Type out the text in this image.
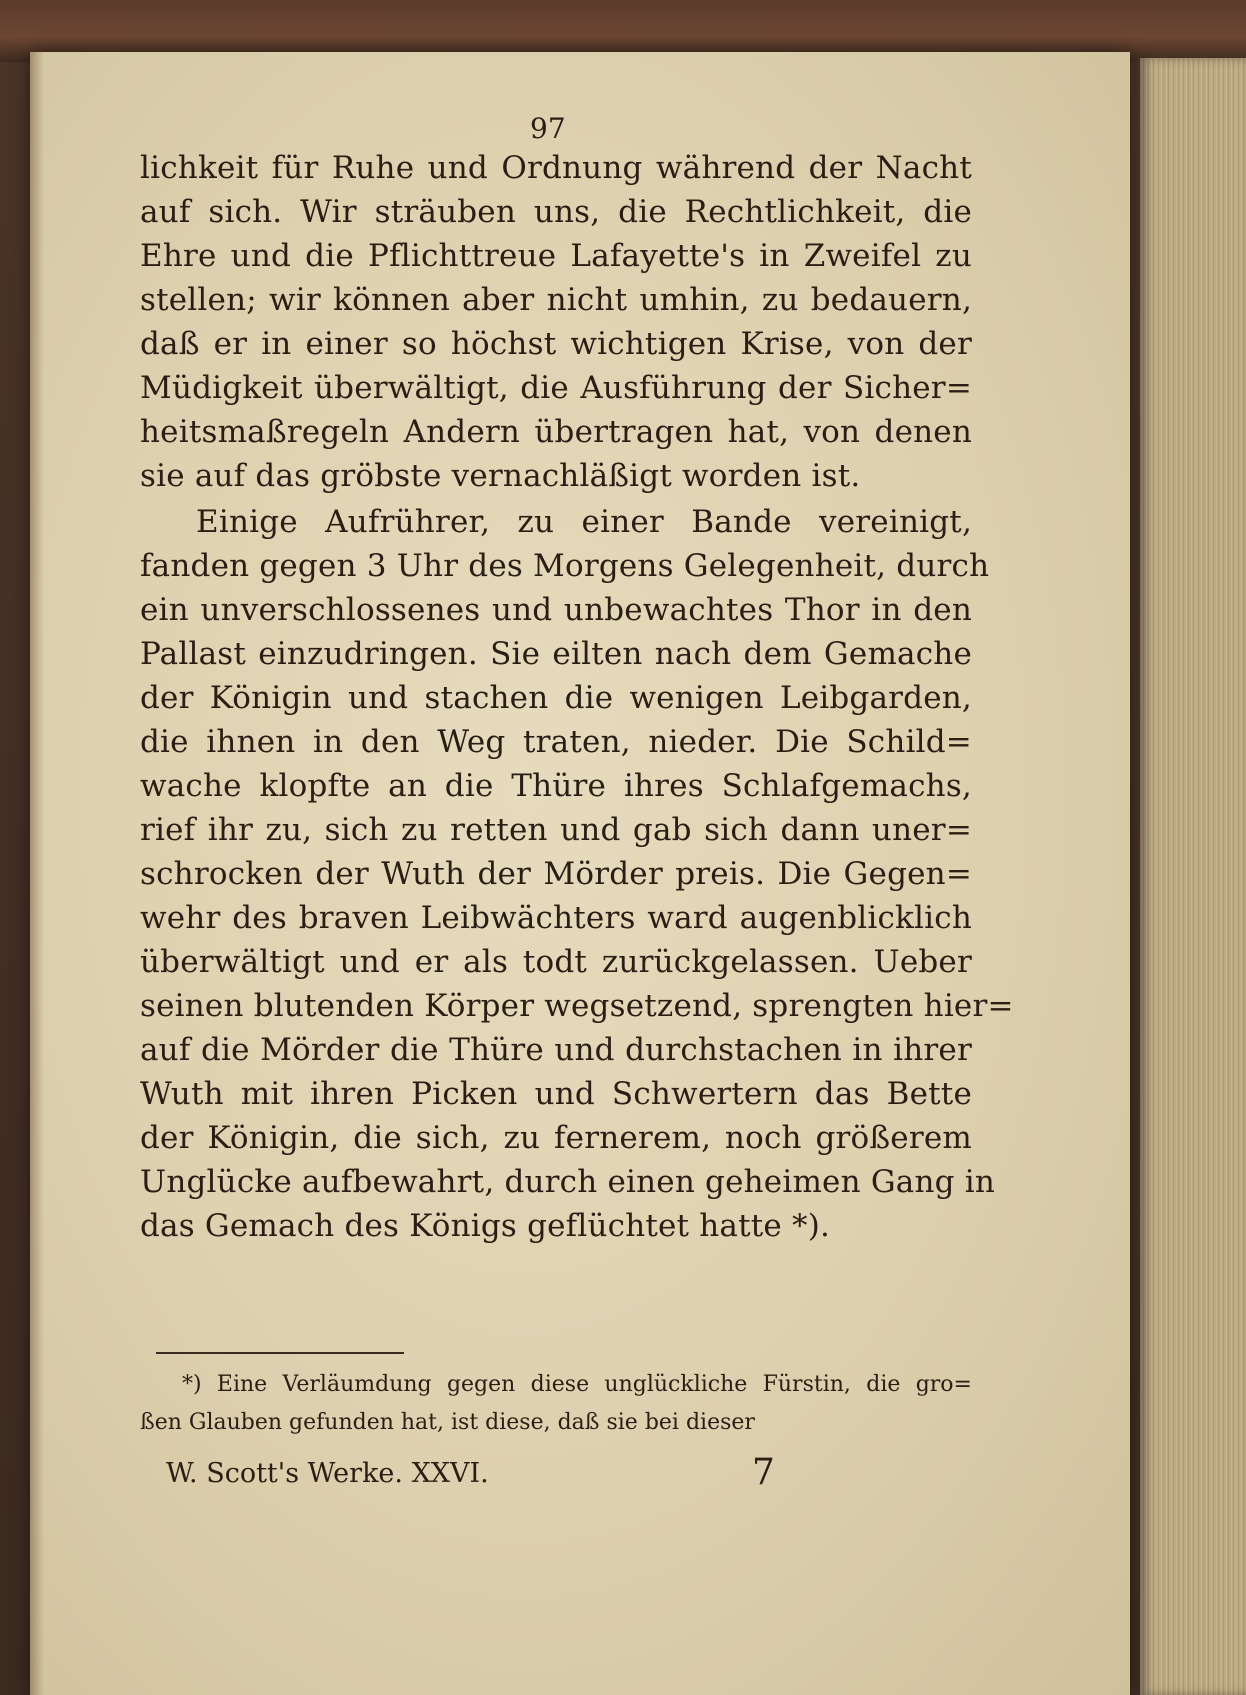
97
lichkeit für Ruhe und Ordnung während der Nacht
auf sich. Wir sträuben uns, die Rechtlichkeit, die
Ehre und die Pflichttreue Lafayette's in Zweifel zu
stellen; wir können aber nicht umhin, zu bedauern,
daß er in einer so höchst wichtigen Krise, von der
Müdigkeit überwältigt, die Ausführung der Sicher=
heitsmaßregeln Andern übertragen hat, von denen
sie auf das gröbste vernachläßigt worden ist.
Einige Aufrührer, zu einer Bande vereinigt,
fanden gegen 3 Uhr des Morgens Gelegenheit, durch
ein unverschlossenes und unbewachtes Thor in den
Pallast einzudringen. Sie eilten nach dem Gemache
der Königin und stachen die wenigen Leibgarden,
die ihnen in den Weg traten, nieder. Die Schild=
wache klopfte an die Thüre ihres Schlafgemachs,
rief ihr zu, sich zu retten und gab sich dann uner=
schrocken der Wuth der Mörder preis. Die Gegen=
wehr des braven Leibwächters ward augenblicklich
überwältigt und er als todt zurückgelassen. Ueber
seinen blutenden Körper wegsetzend, sprengten hier=
auf die Mörder die Thüre und durchstachen in ihrer
Wuth mit ihren Picken und Schwertern das Bette
der Königin, die sich, zu fernerem, noch größerem
Unglücke aufbewahrt, durch einen geheimen Gang in
das Gemach des Königs geflüchtet hatte *).
*) Eine Verläumdung gegen diese unglückliche Fürstin, die gro=
ßen Glauben gefunden hat, ist diese, daß sie bei dieser
W. Scott's Werke. XXVI.	7
